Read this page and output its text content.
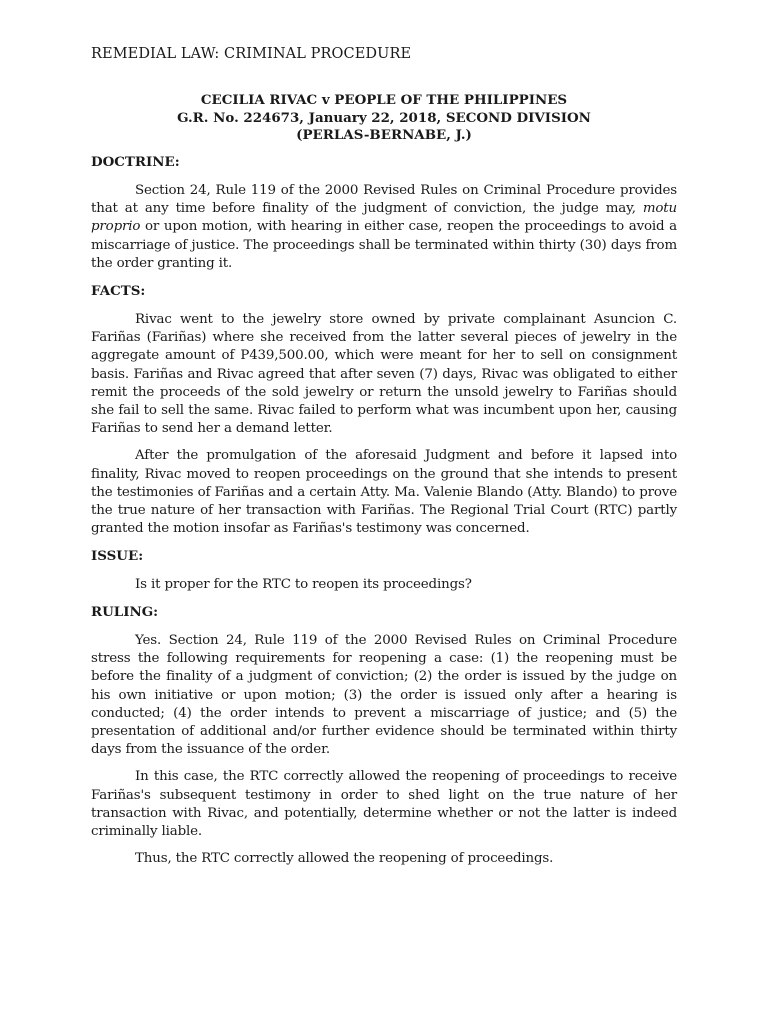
REMEDIAL LAW: CRIMINAL PROCEDURE
CECILIA RIVAC v PEOPLE OF THE PHILIPPINES
G.R. No. 224673, January 22, 2018, SECOND DIVISION
(PERLAS-BERNABE, J.)
DOCTRINE:

Section 24, Rule 119 of the 2000 Revised Rules on Criminal Procedure provides that at any time before finality of the judgment of conviction, the judge may, motu proprio or upon motion, with hearing in either case, reopen the proceedings to avoid a miscarriage of justice. The proceedings shall be terminated within thirty (30) days from the order granting it.

FACTS:

Rivac went to the jewelry store owned by private complainant Asuncion C. Fariñas (Fariñas) where she received from the latter several pieces of jewelry in the aggregate amount of P439,500.00, which were meant for her to sell on consignment basis. Fariñas and Rivac agreed that after seven (7) days, Rivac was obligated to either remit the proceeds of the sold jewelry or return the unsold jewelry to Fariñas should she fail to sell the same. Rivac failed to perform what was incumbent upon her, causing Fariñas to send her a demand letter.

After the promulgation of the aforesaid Judgment and before it lapsed into finality, Rivac moved to reopen proceedings on the ground that she intends to present the testimonies of Fariñas and a certain Atty. Ma. Valenie Blando (Atty. Blando) to prove the true nature of her transaction with Fariñas. The Regional Trial Court (RTC) partly granted the motion insofar as Fariñas's testimony was concerned.

ISSUE:

Is it proper for the RTC to reopen its proceedings?

RULING:

Yes. Section 24, Rule 119 of the 2000 Revised Rules on Criminal Procedure stress the following requirements for reopening a case: (1) the reopening must be before the finality of a judgment of conviction; (2) the order is issued by the judge on his own initiative or upon motion; (3) the order is issued only after a hearing is conducted; (4) the order intends to prevent a miscarriage of justice; and (5) the presentation of additional and/or further evidence should be terminated within thirty days from the issuance of the order.

In this case, the RTC correctly allowed the reopening of proceedings to receive Fariñas's subsequent testimony in order to shed light on the true nature of her transaction with Rivac, and potentially, determine whether or not the latter is indeed criminally liable.

Thus, the RTC correctly allowed the reopening of proceedings.
